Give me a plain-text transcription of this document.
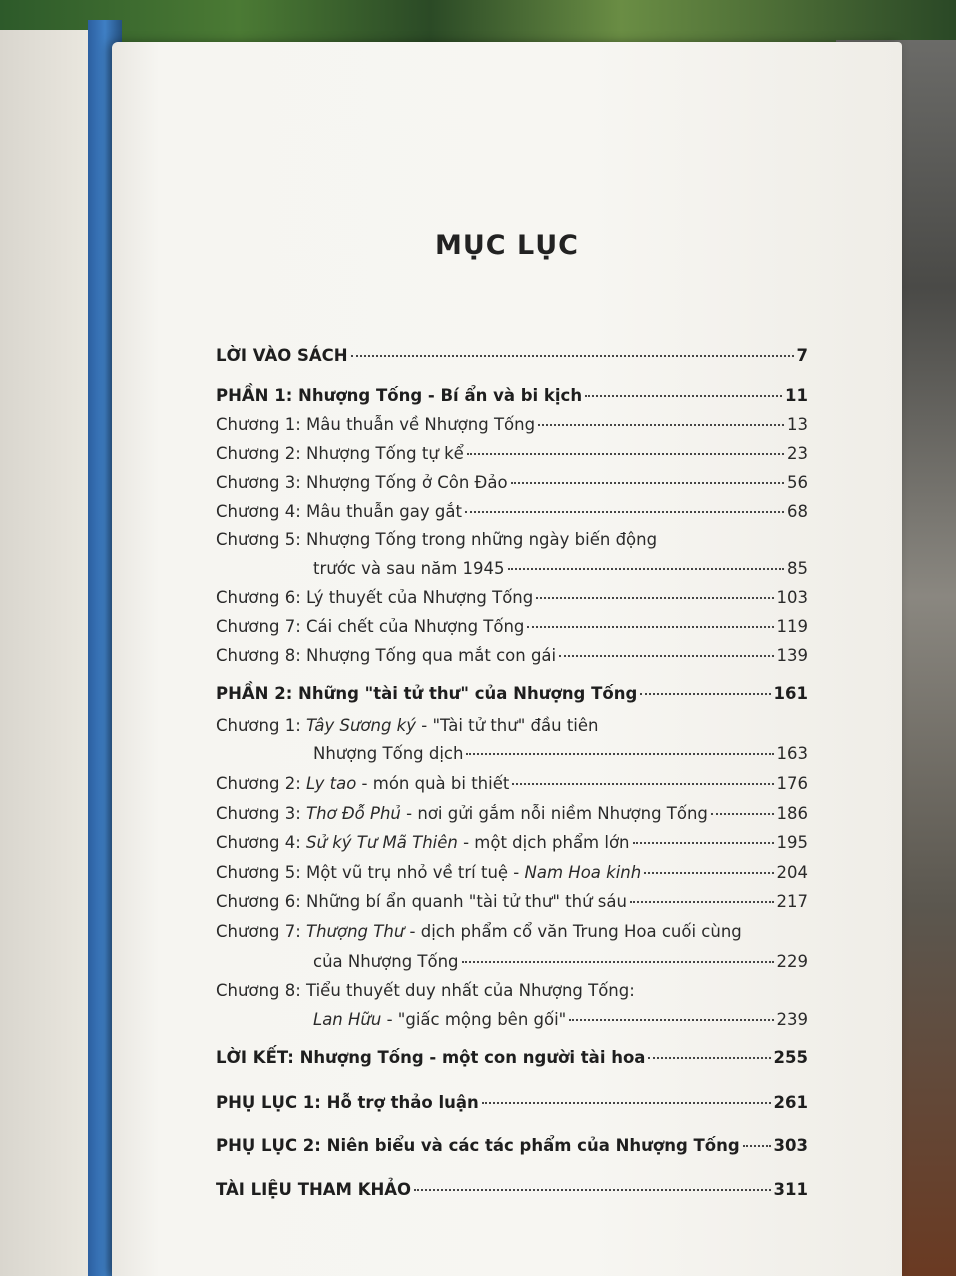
MỤC LỤC
LỜI VÀO SÁCH	7
PHẦN 1: Nhượng Tống - Bí ẩn và bi kịch	11
Chương 1: Mâu thuẫn về Nhượng Tống	13
Chương 2: Nhượng Tống tự kể	23
Chương 3: Nhượng Tống ở Côn Đảo	56
Chương 4: Mâu thuẫn gay gắt	68
Chương 5: Nhượng Tống trong những ngày biến động
trước và sau năm 1945	85
Chương 6: Lý thuyết của Nhượng Tống	103
Chương 7: Cái chết của Nhượng Tống	119
Chương 8: Nhượng Tống qua mắt con gái	139
PHẦN 2: Những "tài tử thư" của Nhượng Tống	161
Chương 1: Tây Sương ký - "Tài tử thư" đầu tiên
Nhượng Tống dịch	163
Chương 2: Ly tao - món quà bi thiết	176
Chương 3: Thơ Đỗ Phủ - nơi gửi gắm nỗi niềm Nhượng Tống	186
Chương 4: Sử ký Tư Mã Thiên - một dịch phẩm lớn	195
Chương 5: Một vũ trụ nhỏ về trí tuệ - Nam Hoa kinh	204
Chương 6: Những bí ẩn quanh "tài tử thư" thứ sáu	217
Chương 7: Thượng Thư - dịch phẩm cổ văn Trung Hoa cuối cùng
của Nhượng Tống	229
Chương 8: Tiểu thuyết duy nhất của Nhượng Tống:
Lan Hữu - "giấc mộng bên gối"	239
LỜI KẾT: Nhượng Tống - một con người tài hoa	255
PHỤ LỤC 1: Hỗ trợ thảo luận	261
PHỤ LỤC 2: Niên biểu và các tác phẩm của Nhượng Tống 303
TÀI LIỆU THAM KHẢO	311
